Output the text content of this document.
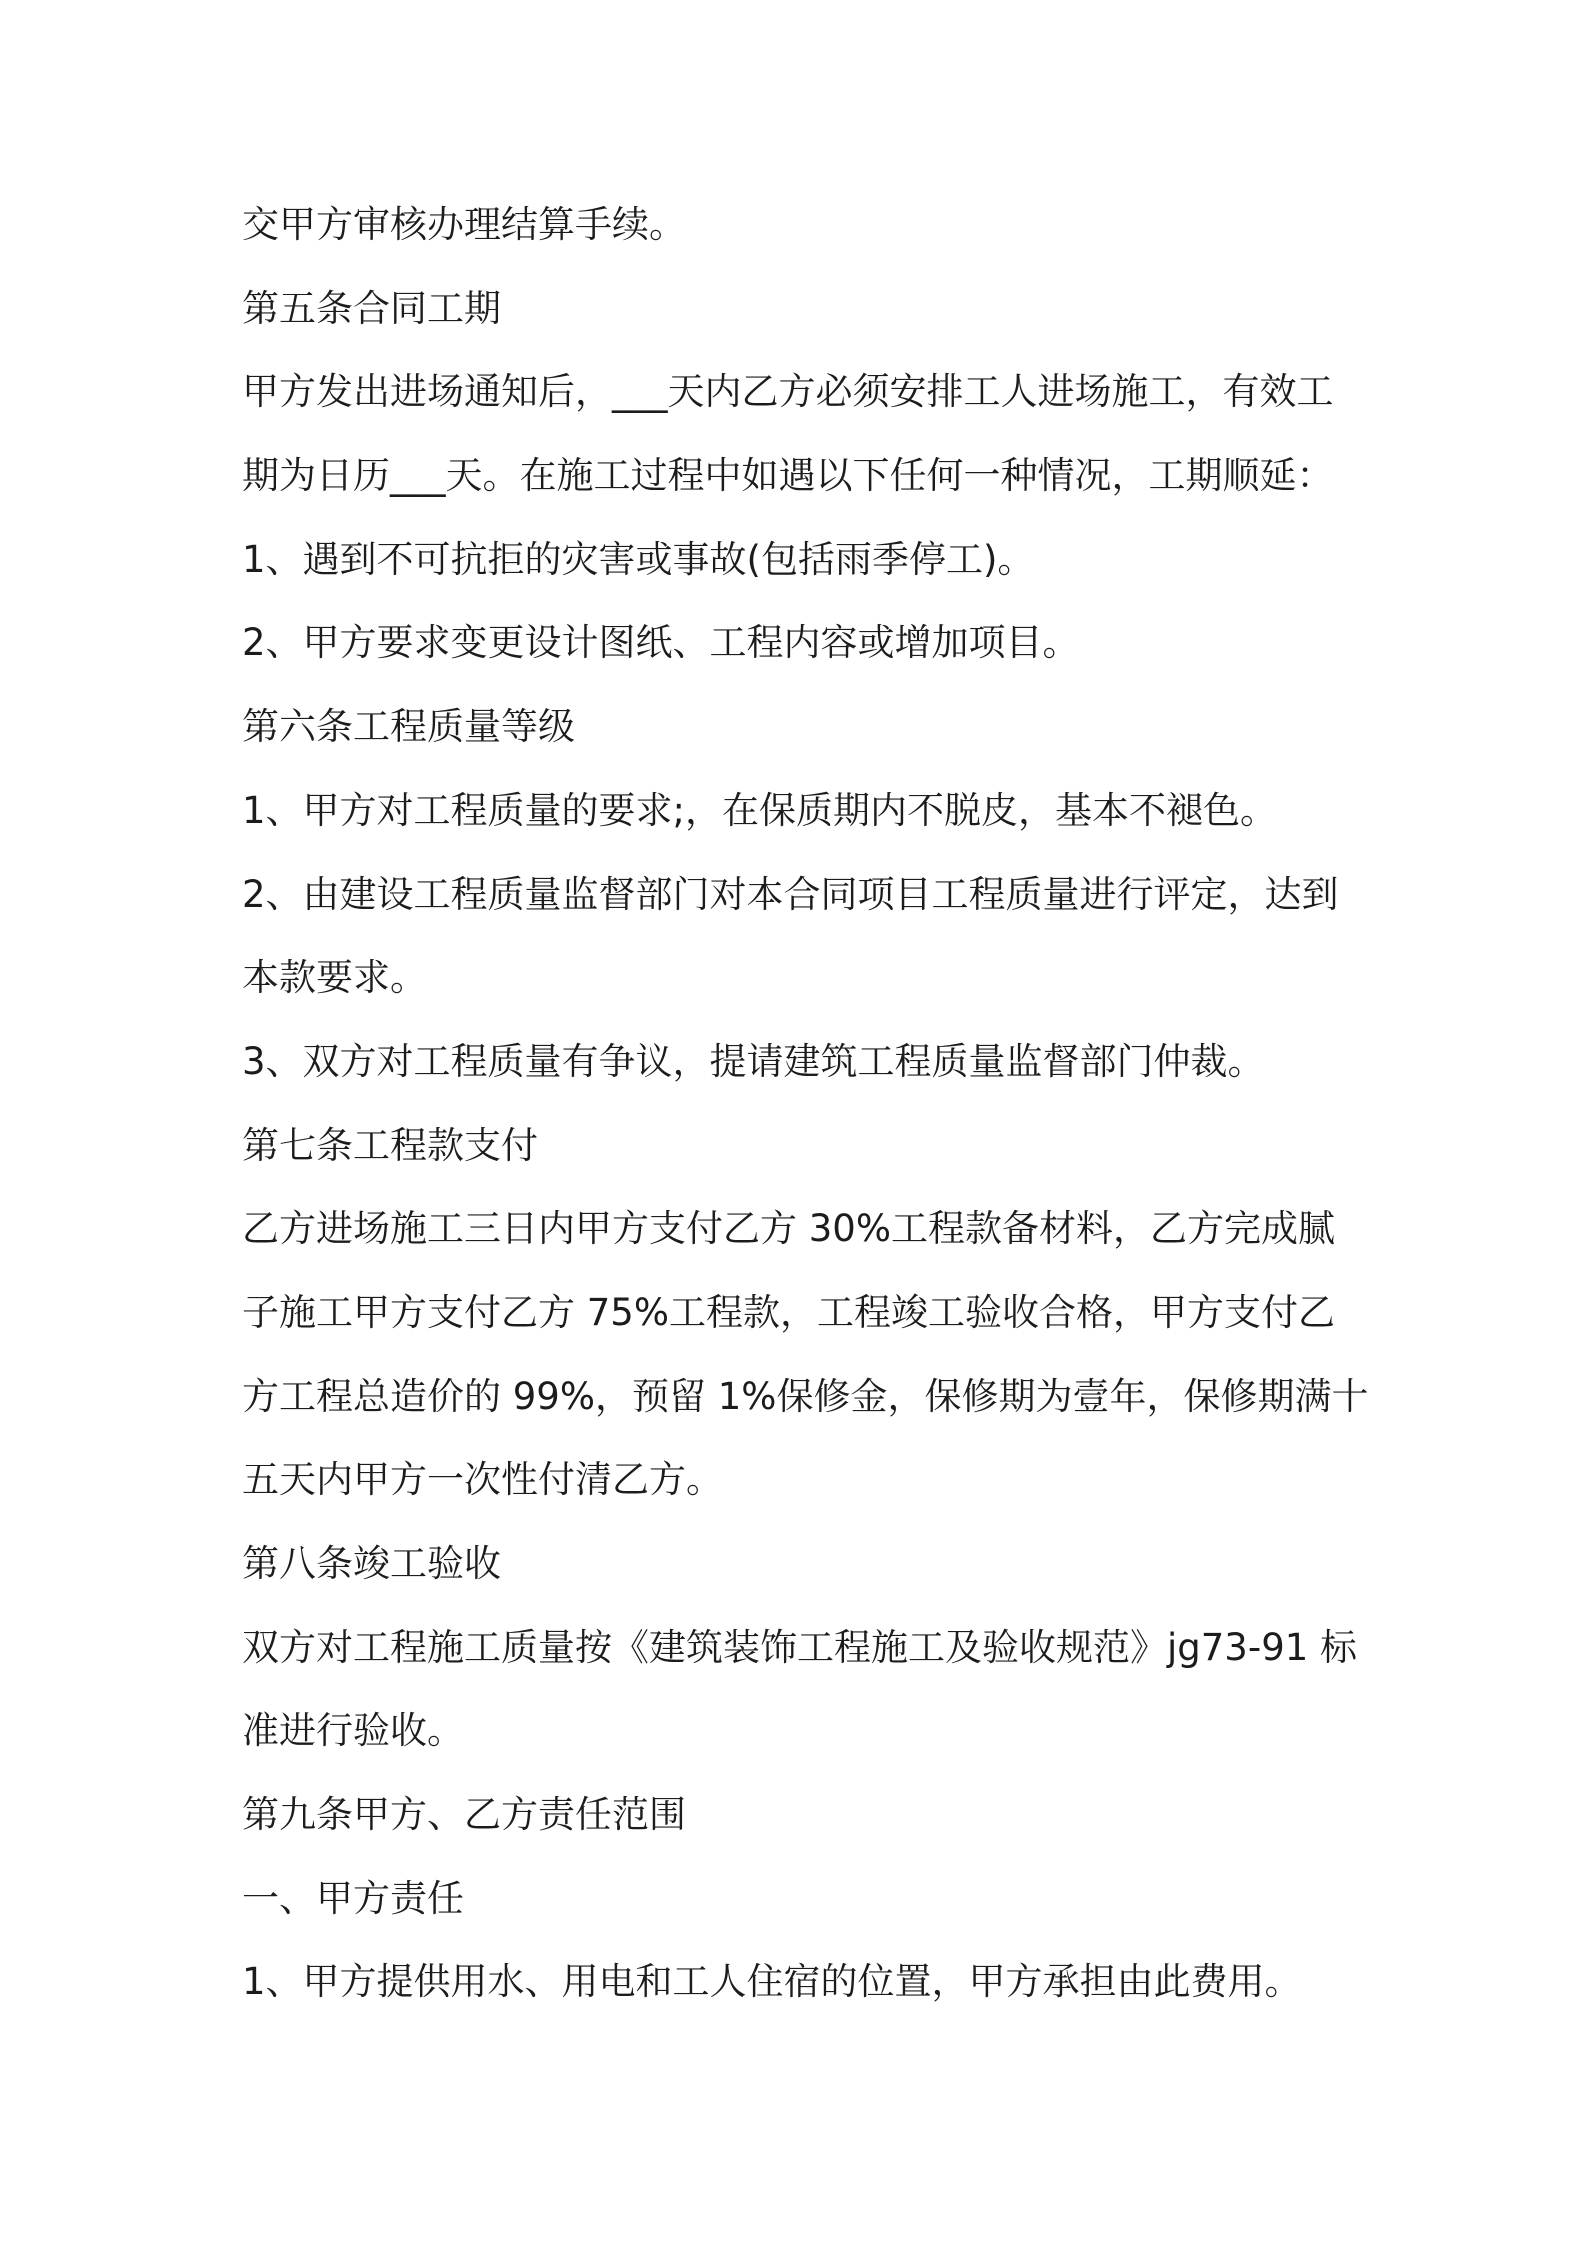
交甲方审核办理结算手续。
第五条合同工期
甲方发出进场通知后，___天内乙方必须安排工人进场施工，有效工
期为日历___天。在施工过程中如遇以下任何一种情况，工期顺延：
1、遇到不可抗拒的灾害或事故(包括雨季停工)。
2、甲方要求变更设计图纸、工程内容或增加项目。
第六条工程质量等级
1、甲方对工程质量的要求;，在保质期内不脱皮，基本不褪色。
2、由建设工程质量监督部门对本合同项目工程质量进行评定，达到
本款要求。
3、双方对工程质量有争议，提请建筑工程质量监督部门仲裁。
第七条工程款支付
乙方进场施工三日内甲方支付乙方 30%工程款备材料，乙方完成腻
子施工甲方支付乙方 75%工程款，工程竣工验收合格，甲方支付乙
方工程总造价的 99%，预留 1%保修金，保修期为壹年，保修期满十
五天内甲方一次性付清乙方。
第八条竣工验收
双方对工程施工质量按《建筑装饰工程施工及验收规范》jg73-91 标
准进行验收。
第九条甲方、乙方责任范围
一、甲方责任
1、甲方提供用水、用电和工人住宿的位置，甲方承担由此费用。
